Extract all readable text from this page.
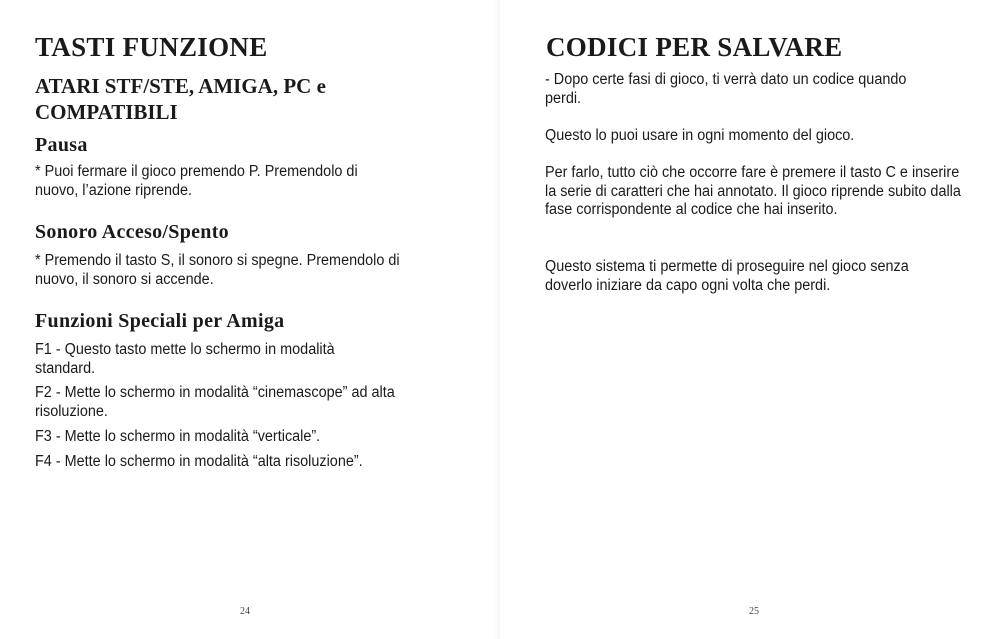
TASTI FUNZIONE
ATARI STF/STE, AMIGA, PC e COMPATIBILI
Pausa

* Puoi fermare il gioco premendo P. Premendolo di nuovo, l’azione riprende.

Sonoro Acceso/Spento

* Premendo il tasto S, il sonoro si spegne. Premendolo di nuovo, il sonoro si accende.

Funzioni Speciali per Amiga

F1 - Questo tasto mette lo schermo in modalità standard.

F2 - Mette lo schermo in modalità “cinemascope” ad alta risoluzione.

F3 - Mette lo schermo in modalità “verticale”.

F4 - Mette lo schermo in modalità “alta risoluzione”.

24
CODICI PER SALVARE

- Dopo certe fasi di gioco, ti verrà dato un codice quando perdi.

Questo lo puoi usare in ogni momento del gioco.

Per farlo, tutto ciò che occorre fare è premere il tasto C e inserire la serie di caratteri che hai annotato. Il gioco riprende subito dalla fase corrispondente al codice che hai inserito.

Questo sistema ti permette di proseguire nel gioco senza doverlo iniziare da capo ogni volta che perdi.

25
